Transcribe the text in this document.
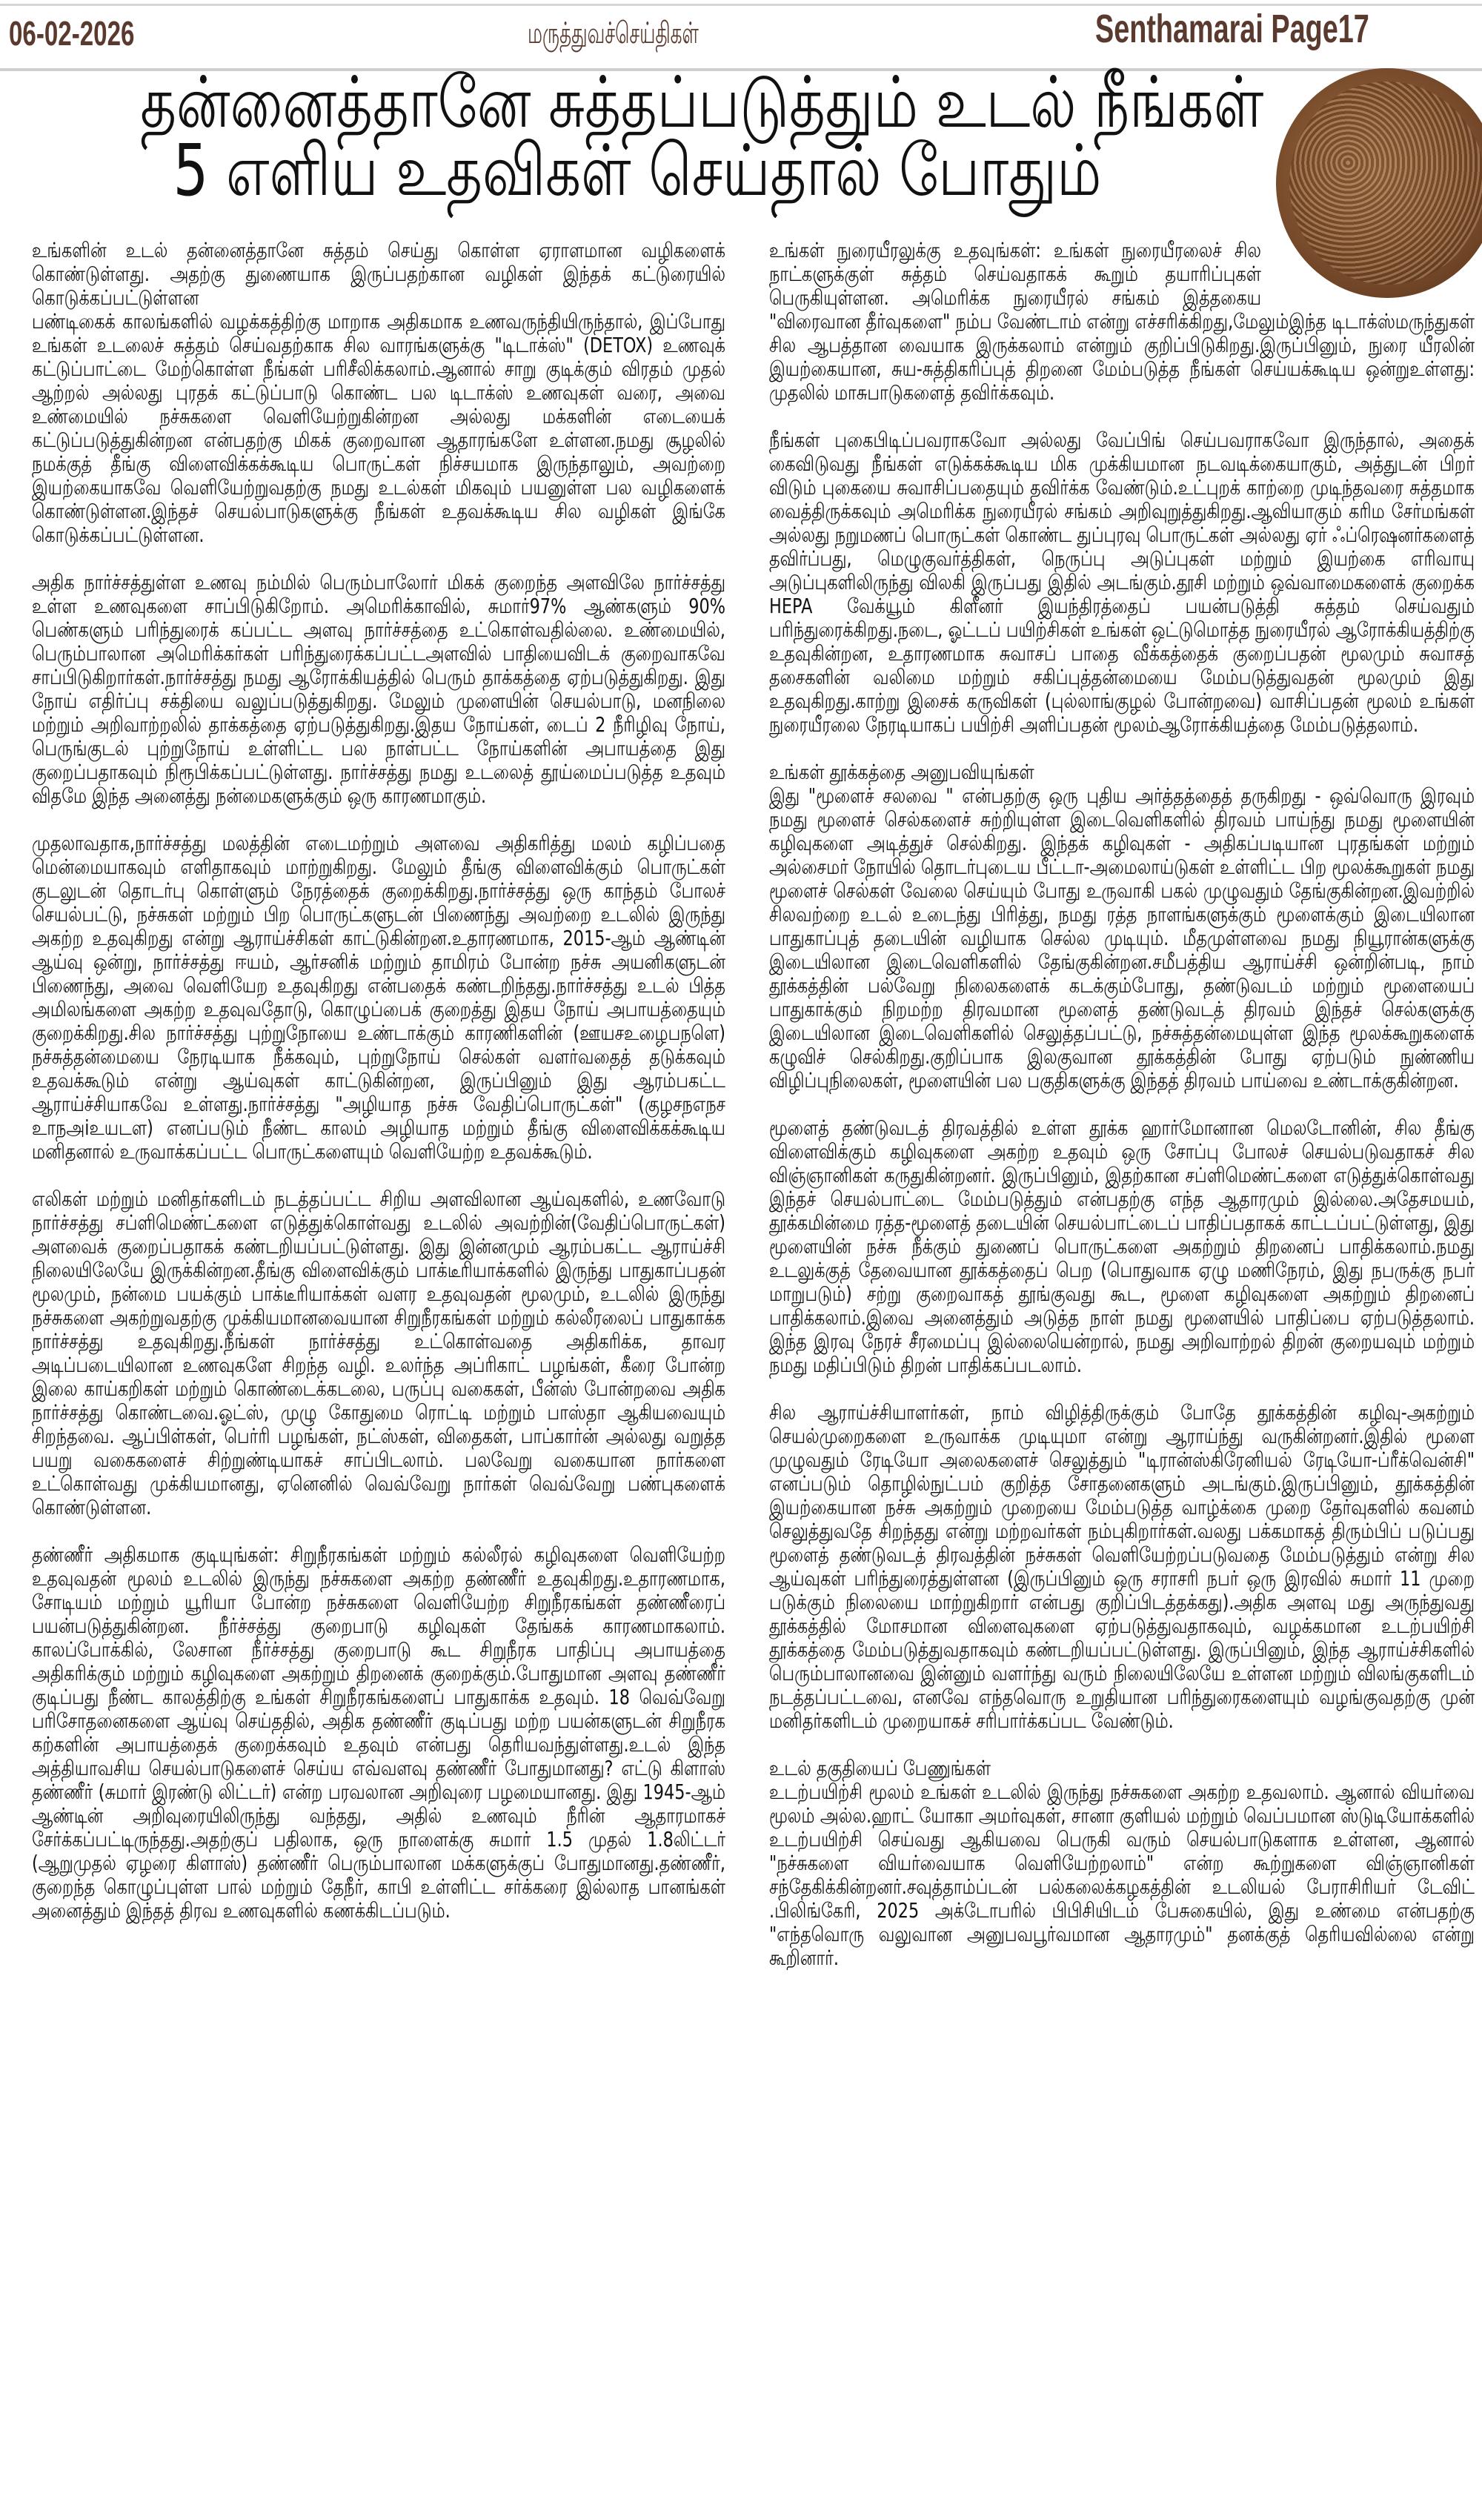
06-02-2026	மருத்துவச்செய்திகள்	Senthamarai Page17
தன்னைத்தானே சுத்தப்படுத்தும் உடல் நீங்கள்
5 எளிய உதவிகள் செய்தால் போதும்

உங்களின் உடல் தன்னைத்தானே சுத்தம் செய்து கொள்ள ஏராளமான வழிகளைக் கொண்டுள்ளது. அதற்கு துணையாக இருப்பதற்கான வழிகள் இந்தக் கட்டுரையில் கொடுக்கப்பட்டுள்ளன

பண்டிகைக் காலங்களில் வழக்கத்திற்கு மாறாக அதிகமாக உணவருந்தியிருந்தால், இப்போது உங்கள் உடலைச் சுத்தம் செய்வதற்காக சில வாரங்களுக்கு "டிடாக்ஸ்" (DETOX) உணவுக் கட்டுப்பாட்டை மேற்கொள்ள நீங்கள் பரிசீலிக்கலாம்.ஆனால் சாறு குடிக்கும் விரதம் முதல் ஆற்றல் அல்லது புரதக் கட்டுப்பாடு கொண்ட பல டிடாக்ஸ் உணவுகள் வரை, அவை உண்மையில் நச்சுகளை வெளியேற்றுகின்றன அல்லது மக்களின் எடையைக் கட்டுப்படுத்துகின்றன என்பதற்கு மிகக் குறைவான ஆதாரங்களே உள்ளன.நமது சூழலில் நமக்குத் தீங்கு விளைவிக்கக்கூடிய பொருட்கள் நிச்சயமாக இருந்தாலும், அவற்றை இயற்கையாகவே வெளியேற்றுவதற்கு நமது உடல்கள் மிகவும் பயனுள்ள பல வழிகளைக் கொண்டுள்ளன.இந்தச் செயல்பாடுகளுக்கு நீங்கள் உதவக்கூடிய சில வழிகள் இங்கே கொடுக்கப்பட்டுள்ளன.

அதிக நார்ச்சத்துள்ள உணவு நம்மில் பெரும்பாலோர் மிகக் குறைந்த அளவிலே நார்ச்சத்து உள்ள உணவுகளை சாப்பிடுகிறோம். அமெரிக்காவில், சுமார்97% ஆண்களும் 90% பெண்களும் பரிந்துரைக் கப்பட்ட அளவு நார்ச்சத்தை உட்கொள்வதில்லை. உண்மையில், பெரும்பாலான அமெரிக்கர்கள் பரிந்துரைக்கப்பட்டஅளவில் பாதியைவிடக் குறைவாகவே சாப்பிடுகிறார்கள்.நார்ச்சத்து நமது ஆரோக்கியத்தில் பெரும் தாக்கத்தை ஏற்படுத்துகிறது. இது நோய் எதிர்ப்பு சக்தியை வலுப்படுத்துகிறது. மேலும் முளையின் செயல்பாடு, மனநிலை மற்றும் அறிவாற்றலில் தாக்கத்தை ஏற்படுத்துகிறது.இதய நோய்கள், டைப் 2 நீரிழிவு நோய், பெருங்குடல் புற்றுநோய் உள்ளிட்ட பல நாள்பட்ட நோய்களின் அபாயத்தை இது குறைப்பதாகவும் நிரூபிக்கப்பட்டுள்ளது. நார்ச்சத்து நமது உடலைத் தூய்மைப்படுத்த உதவும் விதமே இந்த அனைத்து நன்மைகளுக்கும் ஒரு காரணமாகும்.

முதலாவதாக,நார்ச்சத்து மலத்தின் எடைமற்றும் அளவை அதிகரித்து மலம் கழிப்பதை மென்மையாகவும் எளிதாகவும் மாற்றுகிறது. மேலும் தீங்கு விளைவிக்கும் பொருட்கள் குடலுடன் தொடர்பு கொள்ளும் நேரத்தைக் குறைக்கிறது.நார்ச்சத்து ஒரு காந்தம் போலச் செயல்பட்டு, நச்சுகள் மற்றும் பிற பொருட்களுடன் பிணைந்து அவற்றை உடலில் இருந்து அகற்ற உதவுகிறது என்று ஆராய்ச்சிகள் காட்டுகின்றன.உதாரணமாக, 2015-ஆம் ஆண்டின் ஆய்வு ஒன்று, நார்ச்சத்து ஈயம், ஆர்சனிக் மற்றும் தாமிரம் போன்ற நச்சு அயனிகளுடன் பிணைந்து, அவை வெளியேற உதவுகிறது என்பதைக் கண்டறிந்தது.நார்ச்சத்து உடல் பித்த அமிலங்களை அகற்ற உதவுவதோடு, கொழுப்பைக் குறைத்து இதய நோய் அபாயத்தையும் குறைக்கிறது.சில நார்ச்சத்து புற்றுநோயை உண்டாக்கும் காரணிகளின் (ஊயசஉழைபநளெ) நச்சுத்தன்மையை நேரடியாக நீக்கவும், புற்றுநோய் செல்கள் வளர்வதைத் தடுக்கவும் உதவக்கூடும் என்று ஆய்வுகள் காட்டுகின்றன, இருப்பினும் இது ஆரம்பகட்ட ஆராய்ச்சியாகவே உள்ளது.நார்ச்சத்து "அழியாத நச்சு வேதிப்பொருட்கள்" (குழசநஎநச உாநஅiஉயடள) எனப்படும் நீண்ட காலம் அழியாத மற்றும் தீங்கு விளைவிக்கக்கூடிய மனிதனால் உருவாக்கப்பட்ட பொருட்களையும் வெளியேற்ற உதவக்கூடும்.

எலிகள் மற்றும் மனிதர்களிடம் நடத்தப்பட்ட சிறிய அளவிலான ஆய்வுகளில், உணவோடு நார்ச்சத்து சப்ளிமெண்ட்களை எடுத்துக்கொள்வது உடலில் அவற்றின்(வேதிப்பொருட்கள்) அளவைக் குறைப்பதாகக் கண்டறியப்பட்டுள்ளது. இது இன்னமும் ஆரம்பகட்ட ஆராய்ச்சி நிலையிலேயே இருக்கின்றன.தீங்கு விளைவிக்கும் பாக்டீரியாக்களில் இருந்து பாதுகாப்பதன் மூலமும், நன்மை பயக்கும் பாக்டீரியாக்கள் வளர உதவுவதன் மூலமும், உடலில் இருந்து நச்சுகளை அகற்றுவதற்கு முக்கியமானவையான சிறுநீரகங்கள் மற்றும் கல்லீரலைப் பாதுகாக்க நார்ச்சத்து உதவுகிறது.நீங்கள் நார்ச்சத்து உட்கொள்வதை அதிகரிக்க, தாவர அடிப்படையிலான உணவுகளே சிறந்த வழி. உலர்ந்த அப்ரிகாட் பழங்கள், கீரை போன்ற இலை காய்கறிகள் மற்றும் கொண்டைக்கடலை, பருப்பு வகைகள், பீன்ஸ் போன்றவை அதிக நார்ச்சத்து கொண்டவை.ஓட்ஸ், முழு கோதுமை ரொட்டி மற்றும் பாஸ்தா ஆகியவையும் சிறந்தவை. ஆப்பிள்கள், பெர்ரி பழங்கள், நட்ஸ்கள், விதைகள், பாப்கார்ன் அல்லது வறுத்த பயறு வகைகளைச் சிற்றுண்டியாகச் சாப்பிடலாம். பலவேறு வகையான நார்களை உட்கொள்வது முக்கியமானது, ஏனெனில் வெவ்வேறு நார்கள் வெவ்வேறு பண்புகளைக் கொண்டுள்ளன.

தண்ணீர் அதிகமாக குடியுங்கள்: சிறுநீரகங்கள் மற்றும் கல்லீரல் கழிவுகளை வெளியேற்ற உதவுவதன் மூலம் உடலில் இருந்து நச்சுகளை அகற்ற தண்ணீர் உதவுகிறது.உதாரணமாக, சோடியம் மற்றும் யூரியா போன்ற நச்சுகளை வெளியேற்ற சிறுநீரகங்கள் தண்ணீரைப் பயன்படுத்துகின்றன. நீர்ச்சத்து குறைபாடு கழிவுகள் தேங்கக் காரணமாகலாம். காலப்போக்கில், லேசான நீர்ச்சத்து குறைபாடு கூட சிறுநீரக பாதிப்பு அபாயத்தை அதிகரிக்கும் மற்றும் கழிவுகளை அகற்றும் திறனைக் குறைக்கும்.போதுமான அளவு தண்ணீர் குடிப்பது நீண்ட காலத்திற்கு உங்கள் சிறுநீரகங்களைப் பாதுகாக்க உதவும். 18 வெவ்வேறு பரிசோதனைகளை ஆய்வு செய்ததில், அதிக தண்ணீர் குடிப்பது மற்ற பயன்களுடன் சிறுநீரக கற்களின் அபாயத்தைக் குறைக்கவும் உதவும் என்பது தெரியவந்துள்ளது.உடல் இந்த அத்தியாவசிய செயல்பாடுகளைச் செய்ய எவ்வளவு தண்ணீர் போதுமானது? எட்டு கிளாஸ் தண்ணீர் (சுமார் இரண்டு லிட்டர்) என்ற பரவலான அறிவுரை பழமையானது. இது 1945-ஆம் ஆண்டின் அறிவுரையிலிருந்து வந்தது, அதில் உணவும் நீரின் ஆதாரமாகச் சேர்க்கப்பட்டிருந்தது.அதற்குப் பதிலாக, ஒரு நாளைக்கு சுமார் 1.5 முதல் 1.8லிட்டர் (ஆறுமுதல் ஏழரை கிளாஸ்) தண்ணீர் பெரும்பாலான மக்களுக்குப் போதுமானது.தண்ணீர், குறைந்த கொழுப்புள்ள பால் மற்றும் தேநீர், காபி உள்ளிட்ட சர்க்கரை இல்லாத பானங்கள் அனைத்தும் இந்தத் திரவ உணவுகளில் கணக்கிடப்படும்.

உங்கள் நுரையீரலுக்கு உதவுங்கள்: உங்கள் நுரையீரலைச் சில நாட்களுக்குள் சுத்தம் செய்வதாகக் கூறும் தயாரிப்புகள் பெருகியுள்ளன. அமெரிக்க நுரையீரல் சங்கம் இத்தகைய "விரைவான தீர்வுகளை" நம்ப வேண்டாம் என்று எச்சரிக்கிறது,மேலும்இந்த டிடாக்ஸ்மருந்துகள் சில ஆபத்தான வையாக இருக்கலாம் என்றும் குறிப்பிடுகிறது.இருப்பினும், நுரை யீரலின் இயற்கையான, சுய-சுத்திகரிப்புத் திறனை மேம்படுத்த நீங்கள் செய்யக்கூடிய ஒன்றுஉள்ளது: முதலில் மாசுபாடுகளைத் தவிர்க்கவும்.

நீங்கள் புகைபிடிப்பவராகவோ அல்லது வேப்பிங் செய்பவராகவோ இருந்தால், அதைக் கைவிடுவது நீங்கள் எடுக்கக்கூடிய மிக முக்கியமான நடவடிக்கையாகும், அத்துடன் பிறர் விடும் புகையை சுவாசிப்பதையும் தவிர்க்க வேண்டும்.உட்புறக் காற்றை முடிந்தவரை சுத்தமாக வைத்திருக்கவும் அமெரிக்க நுரையீரல் சங்கம் அறிவுறுத்துகிறது.ஆவியாகும் கரிம சேர்மங்கள் அல்லது நறுமணப் பொருட்கள் கொண்ட துப்புரவு பொருட்கள் அல்லது ஏர் ஃப்ரெஷனர்களைத் தவிர்ப்பது, மெழுகுவர்த்திகள், நெருப்பு அடுப்புகள் மற்றும் இயற்கை எரிவாயு அடுப்புகளிலிருந்து விலகி இருப்பது இதில் அடங்கும்.தூசி மற்றும் ஒவ்வாமைகளைக் குறைக்க HEPA வேக்யூம் கிளீனர் இயந்திரத்தைப் பயன்படுத்தி சுத்தம் செய்வதும் பரிந்துரைக்கிறது.நடை, ஓட்டப் பயிற்சிகள் உங்கள் ஒட்டுமொத்த நுரையீரல் ஆரோக்கியத்திற்கு உதவுகின்றன, உதாரணமாக சுவாசப் பாதை வீக்கத்தைக் குறைப்பதன் மூலமும் சுவாசத் தசைகளின் வலிமை மற்றும் சகிப்புத்தன்மையை மேம்படுத்துவதன் மூலமும் இது உதவுகிறது.காற்று இசைக் கருவிகள் (புல்லாங்குழல் போன்றவை) வாசிப்பதன் மூலம் உங்கள் நுரையீரலை நேரடியாகப் பயிற்சி அளிப்பதன் மூலம்ஆரோக்கியத்தை மேம்படுத்தலாம்.

உங்கள் தூக்கத்தை அனுபவியுங்கள்

இது "மூளைச் சலவை " என்பதற்கு ஒரு புதிய அர்த்தத்தைத் தருகிறது - ஒவ்வொரு இரவும் நமது மூளைச் செல்களைச் சுற்றியுள்ள இடைவெளிகளில் திரவம் பாய்ந்து நமது மூளையின் கழிவுகளை அடித்துச் செல்கிறது. இந்தக் கழிவுகள் - அதிகப்படியான புரதங்கள் மற்றும் அல்சைமர் நோயில் தொடர்புடைய பீட்டா-அமைலாய்டுகள் உள்ளிட்ட பிற மூலக்கூறுகள் நமது மூளைச் செல்கள் வேலை செய்யும் போது உருவாகி பகல் முழுவதும் தேங்குகின்றன.இவற்றில் சிலவற்றை உடல் உடைந்து பிரித்து, நமது ரத்த நாளங்களுக்கும் மூளைக்கும் இடையிலான பாதுகாப்புத் தடையின் வழியாக செல்ல முடியும். மீதமுள்ளவை நமது நியூரான்களுக்கு இடையிலான இடைவெளிகளில் தேங்குகின்றன.சமீபத்திய ஆராய்ச்சி ஒன்றின்படி, நாம் தூக்கத்தின் பல்வேறு நிலைகளைக் கடக்கும்போது, தண்டுவடம் மற்றும் மூளையைப் பாதுகாக்கும் நிறமற்ற திரவமான மூளைத் தண்டுவடத் திரவம் இந்தச் செல்களுக்கு இடையிலான இடைவெளிகளில் செலுத்தப்பட்டு, நச்சுத்தன்மையுள்ள இந்த மூலக்கூறுகளைக் கழுவிச் செல்கிறது.குறிப்பாக இலகுவான தூக்கத்தின் போது ஏற்படும் நுண்ணிய விழிப்புநிலைகள், மூளையின் பல பகுதிகளுக்கு இந்தத் திரவம் பாய்வை உண்டாக்குகின்றன.

மூளைத் தண்டுவடத் திரவத்தில் உள்ள தூக்க ஹார்மோனான மெலடோனின், சில தீங்கு விளைவிக்கும் கழிவுகளை அகற்ற உதவும் ஒரு சோப்பு போலச் செயல்படுவதாகச் சில விஞ்ஞானிகள் கருதுகின்றனர். இருப்பினும், இதற்கான சப்ளிமெண்ட்களை எடுத்துக்கொள்வது இந்தச் செயல்பாட்டை மேம்படுத்தும் என்பதற்கு எந்த ஆதாரமும் இல்லை.அதேசமயம், தூக்கமின்மை ரத்த-மூளைத் தடையின் செயல்பாட்டைப் பாதிப்பதாகக் காட்டப்பட்டுள்ளது, இது மூளையின் நச்சு நீக்கும் துணைப் பொருட்களை அகற்றும் திறனைப் பாதிக்கலாம்.நமது உடலுக்குத் தேவையான தூக்கத்தைப் பெற (பொதுவாக ஏழு மணிநேரம், இது நபருக்கு நபர் மாறுபடும்) சற்று குறைவாகத் தூங்குவது கூட, மூளை கழிவுகளை அகற்றும் திறனைப் பாதிக்கலாம்.இவை அனைத்தும் அடுத்த நாள் நமது மூளையில் பாதிப்பை ஏற்படுத்தலாம். இந்த இரவு நேரச் சீரமைப்பு இல்லையென்றால், நமது அறிவாற்றல் திறன் குறையவும் மற்றும் நமது மதிப்பிடும் திறன் பாதிக்கப்படலாம்.

சில ஆராய்ச்சியாளர்கள், நாம் விழித்திருக்கும் போதே தூக்கத்தின் கழிவு-அகற்றும் செயல்முறைகளை உருவாக்க முடியுமா என்று ஆராய்ந்து வருகின்றனர்.இதில் மூளை முழுவதும் ரேடியோ அலைகளைச் செலுத்தும் "டிரான்ஸ்கிரேனியல் ரேடியோ-ப்ரீக்வென்சி" எனப்படும் தொழில்நுட்பம் குறித்த சோதனைகளும் அடங்கும்.இருப்பினும், தூக்கத்தின் இயற்கையான நச்சு அகற்றும் முறையை மேம்படுத்த வாழ்க்கை முறை தேர்வுகளில் கவனம் செலுத்துவதே சிறந்தது என்று மற்றவர்கள் நம்புகிறார்கள்.வலது பக்கமாகத் திரும்பிப் படுப்பது மூளைத் தண்டுவடத் திரவத்தின் நச்சுகள் வெளியேற்றப்படுவதை மேம்படுத்தும் என்று சில ஆய்வுகள் பரிந்துரைத்துள்ளன (இருப்பினும் ஒரு சராசரி நபர் ஒரு இரவில் சுமார் 11 முறை படுக்கும் நிலையை மாற்றுகிறார் என்பது குறிப்பிடத்தக்கது).அதிக அளவு மது அருந்துவது தூக்கத்தில் மோசமான விளைவுகளை ஏற்படுத்துவதாகவும், வழக்கமான உடற்பயிற்சி தூக்கத்தை மேம்படுத்துவதாகவும் கண்டறியப்பட்டுள்ளது. இருப்பினும், இந்த ஆராய்ச்சிகளில் பெரும்பாலானவை இன்னும் வளர்ந்து வரும் நிலையிலேயே உள்ளன மற்றும் விலங்குகளிடம் நடத்தப்பட்டவை, எனவே எந்தவொரு உறுதியான பரிந்துரைகளையும் வழங்குவதற்கு முன் மனிதர்களிடம் முறையாகச் சரிபார்க்கப்பட வேண்டும்.

உடல் தகுதியைப் பேணுங்கள்

உடற்பயிற்சி மூலம் உங்கள் உடலில் இருந்து நச்சுகளை அகற்ற உதவலாம். ஆனால் வியர்வை மூலம் அல்ல.ஹாட் யோகா அமர்வுகள், சானா குளியல் மற்றும் வெப்பமான ஸ்டுடியோக்களில் உடற்பயிற்சி செய்வது ஆகியவை பெருகி வரும் செயல்பாடுகளாக உள்ளன, ஆனால் "நச்சுகளை வியர்வையாக வெளியேற்றலாம்" என்ற கூற்றுகளை விஞ்ஞானிகள் சந்தேகிக்கின்றனர்.சவுத்தாம்ப்டன் பல்கலைக்கழகத்தின் உடலியல் பேராசிரியர் டேவிட் .பிலிங்கேரி, 2025 அக்டோபரில் பிபிசியிடம் பேசுகையில், இது உண்மை என்பதற்கு "எந்தவொரு வலுவான அனுபவபூர்வமான ஆதாரமும்" தனக்குத் தெரியவில்லை என்று கூறினார்.
